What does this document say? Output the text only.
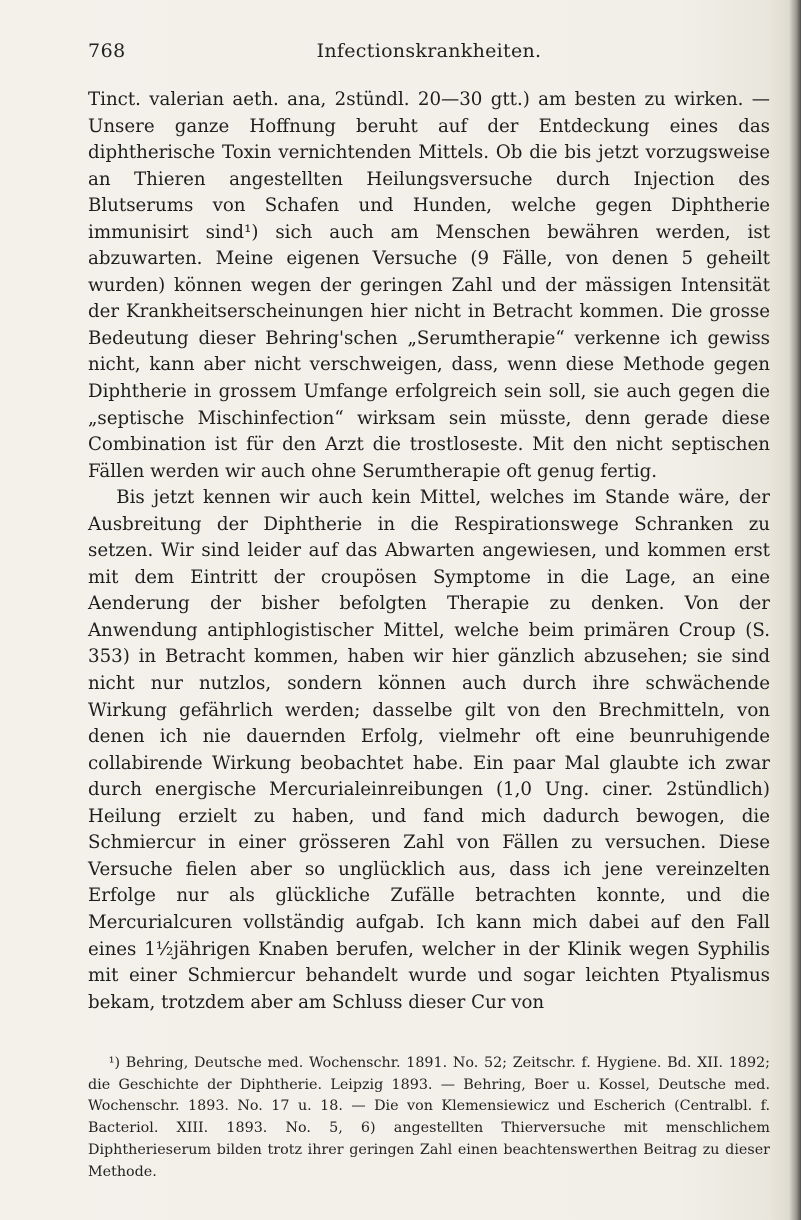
768	Infectionskrankheiten.

Tinct. valerian aeth. ana, 2stündl. 20—30 gtt.) am besten zu wirken. — Unsere ganze Hoffnung beruht auf der Entdeckung eines das diphtherische Toxin vernichtenden Mittels. Ob die bis jetzt vorzugsweise an Thieren angestellten Heilungsversuche durch Injection des Blutserums von Schafen und Hunden, welche gegen Diphtherie immunisirt sind¹) sich auch am Menschen bewähren werden, ist abzuwarten. Meine eigenen Versuche (9 Fälle, von denen 5 geheilt wurden) können wegen der geringen Zahl und der mässigen Intensität der Krankheitserscheinungen hier nicht in Betracht kommen. Die grosse Bedeutung dieser Behring'schen „Serumtherapie“ verkenne ich gewiss nicht, kann aber nicht verschweigen, dass, wenn diese Methode gegen Diphtherie in grossem Umfange erfolgreich sein soll, sie auch gegen die „septische Mischinfection“ wirksam sein müsste, denn gerade diese Combination ist für den Arzt die trostloseste. Mit den nicht septischen Fällen werden wir auch ohne Serumtherapie oft genug fertig.

Bis jetzt kennen wir auch kein Mittel, welches im Stande wäre, der Ausbreitung der Diphtherie in die Respirationswege Schranken zu setzen. Wir sind leider auf das Abwarten angewiesen, und kommen erst mit dem Eintritt der croupösen Symptome in die Lage, an eine Aenderung der bisher befolgten Therapie zu denken. Von der Anwendung antiphlogistischer Mittel, welche beim primären Croup (S. 353) in Betracht kommen, haben wir hier gänzlich abzusehen; sie sind nicht nur nutzlos, sondern können auch durch ihre schwächende Wirkung gefährlich werden; dasselbe gilt von den Brechmitteln, von denen ich nie dauernden Erfolg, vielmehr oft eine beunruhigende collabirende Wirkung beobachtet habe. Ein paar Mal glaubte ich zwar durch energische Mercurialeinreibungen (1,0 Ung. ciner. 2stündlich) Heilung erzielt zu haben, und fand mich dadurch bewogen, die Schmiercur in einer grösseren Zahl von Fällen zu versuchen. Diese Versuche fielen aber so unglücklich aus, dass ich jene vereinzelten Erfolge nur als glückliche Zufälle betrachten konnte, und die Mercurialcuren vollständig aufgab. Ich kann mich dabei auf den Fall eines 1½jährigen Knaben berufen, welcher in der Klinik wegen Syphilis mit einer Schmiercur behandelt wurde und sogar leichten Ptyalismus bekam, trotzdem aber am Schluss dieser Cur von

¹) Behring, Deutsche med. Wochenschr. 1891. No. 52; Zeitschr. f. Hygiene. Bd. XII. 1892; die Geschichte der Diphtherie. Leipzig 1893. — Behring, Boer u. Kossel, Deutsche med. Wochenschr. 1893. No. 17 u. 18. — Die von Klemensiewicz und Escherich (Centralbl. f. Bacteriol. XIII. 1893. No. 5, 6) angestellten Thierversuche mit menschlichem Diphtherieserum bilden trotz ihrer geringen Zahl einen beachtenswerthen Beitrag zu dieser Methode.
